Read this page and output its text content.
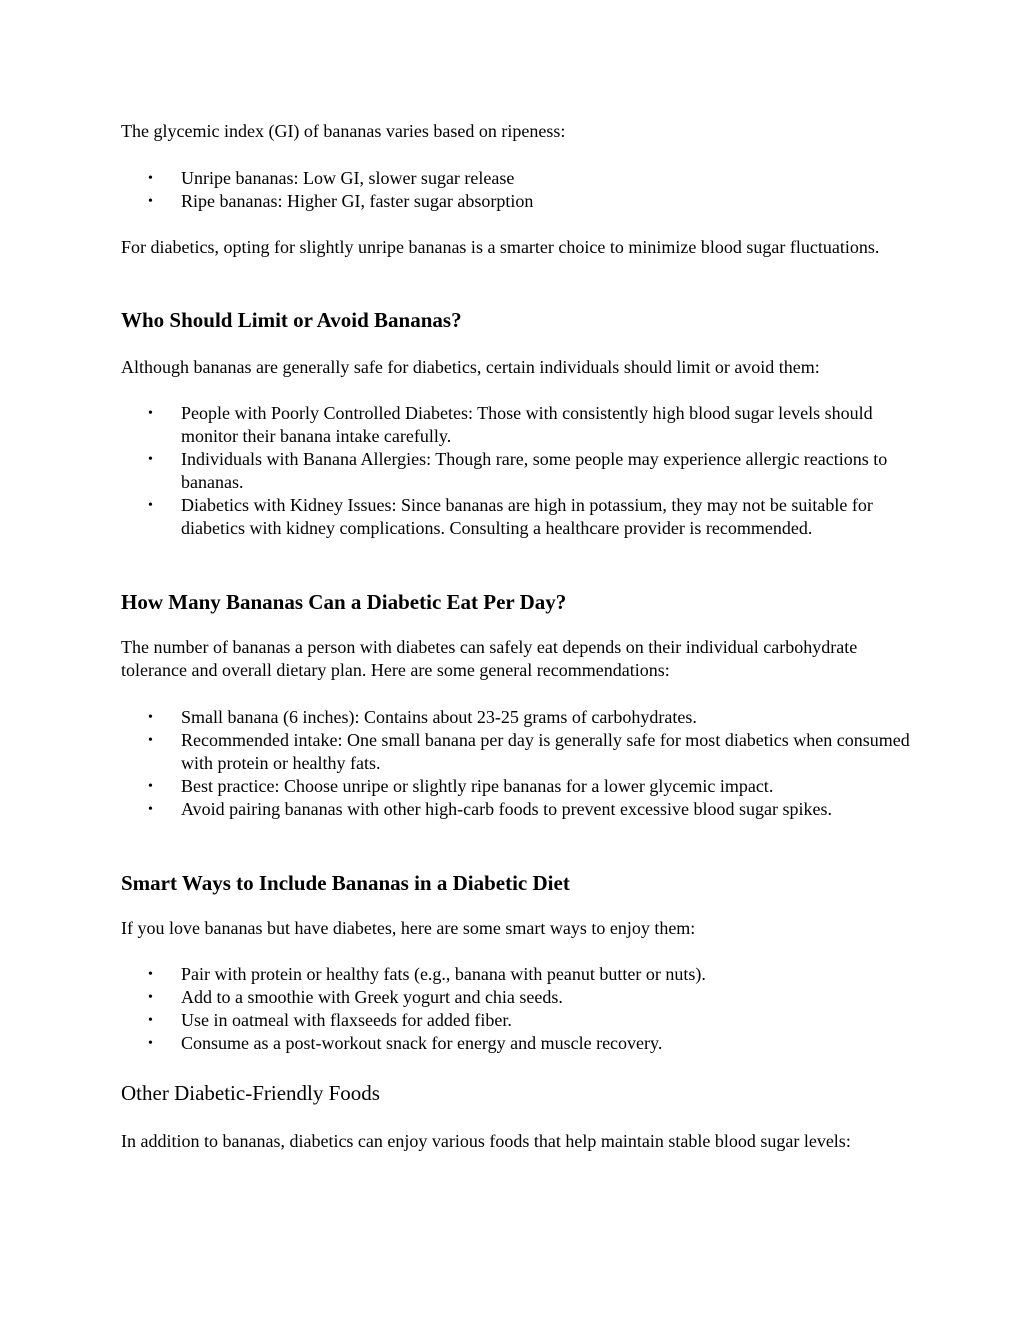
The glycemic index (GI) of bananas varies based on ripeness:

• Unripe bananas: Low GI, slower sugar release
• Ripe bananas: Higher GI, faster sugar absorption

For diabetics, opting for slightly unripe bananas is a smarter choice to minimize blood sugar fluctuations.

Who Should Limit or Avoid Bananas?

Although bananas are generally safe for diabetics, certain individuals should limit or avoid them:

• People with Poorly Controlled Diabetes: Those with consistently high blood sugar levels should monitor their banana intake carefully.
• Individuals with Banana Allergies: Though rare, some people may experience allergic reactions to bananas.
• Diabetics with Kidney Issues: Since bananas are high in potassium, they may not be suitable for diabetics with kidney complications. Consulting a healthcare provider is recommended.
How Many Bananas Can a Diabetic Eat Per Day?

The number of bananas a person with diabetes can safely eat depends on their individual carbohydrate tolerance and overall dietary plan. Here are some general recommendations:

• Small banana (6 inches): Contains about 23-25 grams of carbohydrates.
• Recommended intake: One small banana per day is generally safe for most diabetics when consumed with protein or healthy fats.
• Best practice: Choose unripe or slightly ripe bananas for a lower glycemic impact.
• Avoid pairing bananas with other high-carb foods to prevent excessive blood sugar spikes.
Smart Ways to Include Bananas in a Diabetic Diet

If you love bananas but have diabetes, here are some smart ways to enjoy them:

• Pair with protein or healthy fats (e.g., banana with peanut butter or nuts).
• Add to a smoothie with Greek yogurt and chia seeds.
• Use in oatmeal with flaxseeds for added fiber.
• Consume as a post-workout snack for energy and muscle recovery.
Other Diabetic-Friendly Foods

In addition to bananas, diabetics can enjoy various foods that help maintain stable blood sugar levels:
